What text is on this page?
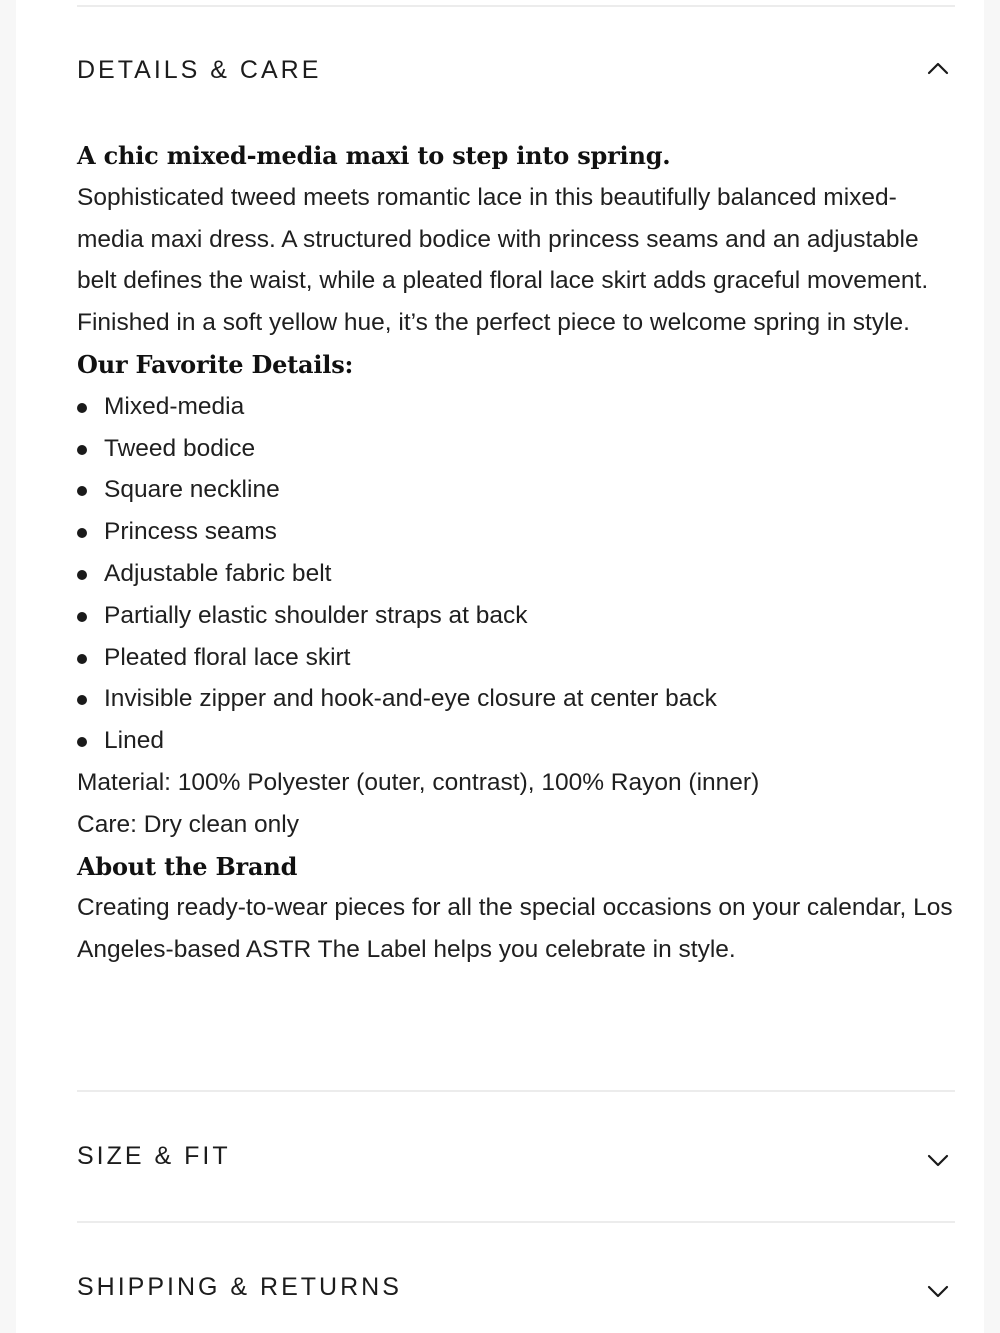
DETAILS & CARE

A chic mixed-media maxi to step into spring.

Sophisticated tweed meets romantic lace in this beautifully balanced mixed-media maxi dress. A structured bodice with princess seams and an adjustable belt defines the waist, while a pleated floral lace skirt adds graceful movement. Finished in a soft yellow hue, it’s the perfect piece to welcome spring in style.

Our Favorite Details:

Mixed-media
Tweed bodice
Square neckline
Princess seams
Adjustable fabric belt
Partially elastic shoulder straps at back
Pleated floral lace skirt
Invisible zipper and hook-and-eye closure at center back
Lined

Material: 100% Polyester (outer, contrast), 100% Rayon (inner)

Care: Dry clean only

About the Brand

Creating ready-to-wear pieces for all the special occasions on your calendar, Los Angeles-based ASTR The Label helps you celebrate in style.

SIZE & FIT
SHIPPING & RETURNS
